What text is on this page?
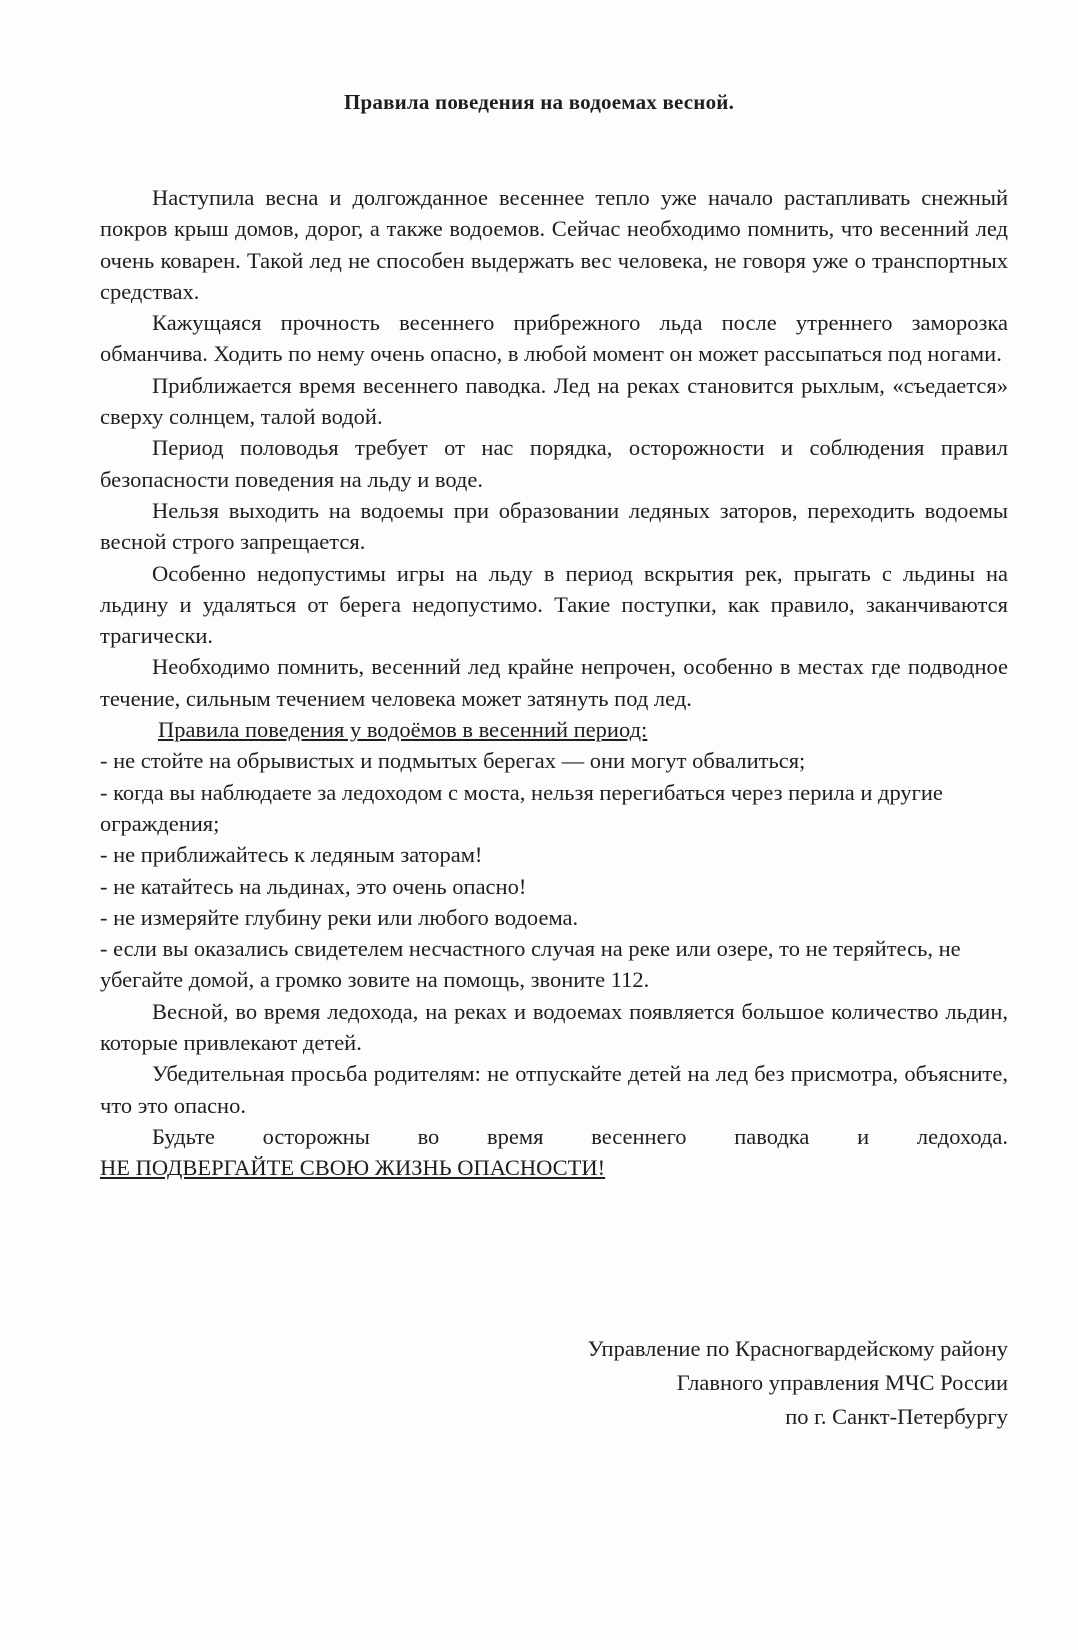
Правила поведения на водоемах весной.

Наступила весна и долгожданное весеннее тепло уже начало растапливать снежный покров крыш домов, дорог, а также водоемов. Сейчас необходимо помнить, что весенний лед очень коварен. Такой лед не способен выдержать вес человека, не говоря уже о транспортных средствах.

Кажущаяся прочность весеннего прибрежного льда после утреннего заморозка обманчива. Ходить по нему очень опасно, в любой момент он может рассыпаться под ногами.

Приближается время весеннего паводка. Лед на реках становится рыхлым, «съедается» сверху солнцем, талой водой.

Период половодья требует от нас порядка, осторожности и соблюдения правил безопасности поведения на льду и воде.

Нельзя выходить на водоемы при образовании ледяных заторов, переходить водоемы весной строго запрещается.

Особенно недопустимы игры на льду в период вскрытия рек, прыгать с льдины на льдину и удаляться от берега недопустимо. Такие поступки, как правило, заканчиваются трагически.

Необходимо помнить, весенний лед крайне непрочен, особенно в местах где подводное течение, сильным течением человека может затянуть под лед.

Правила поведения у водоёмов в весенний период:

- не стойте на обрывистых и подмытых берегах — они могут обвалиться;

- когда вы наблюдаете за ледоходом с моста, нельзя перегибаться через перила и другие ограждения;

- не приближайтесь к ледяным заторам!

- не катайтесь на льдинах, это очень опасно!

- не измеряйте глубину реки или любого водоема.

- если вы оказались свидетелем несчастного случая на реке или озере, то не теряйтесь, не убегайте домой, а громко зовите на помощь, звоните 112.

Весной, во время ледохода, на реках и водоемах появляется большое количество льдин, которые привлекают детей.

Убедительная просьба родителям: не отпускайте детей на лед без присмотра, объясните, что это опасно.

Будьте осторожны во время весеннего паводка и ледохода.

НЕ ПОДВЕРГАЙТЕ СВОЮ ЖИЗНЬ ОПАСНОСТИ!

Управление по Красногвардейскому району
Главного управления МЧС России
по г. Санкт-Петербургу
